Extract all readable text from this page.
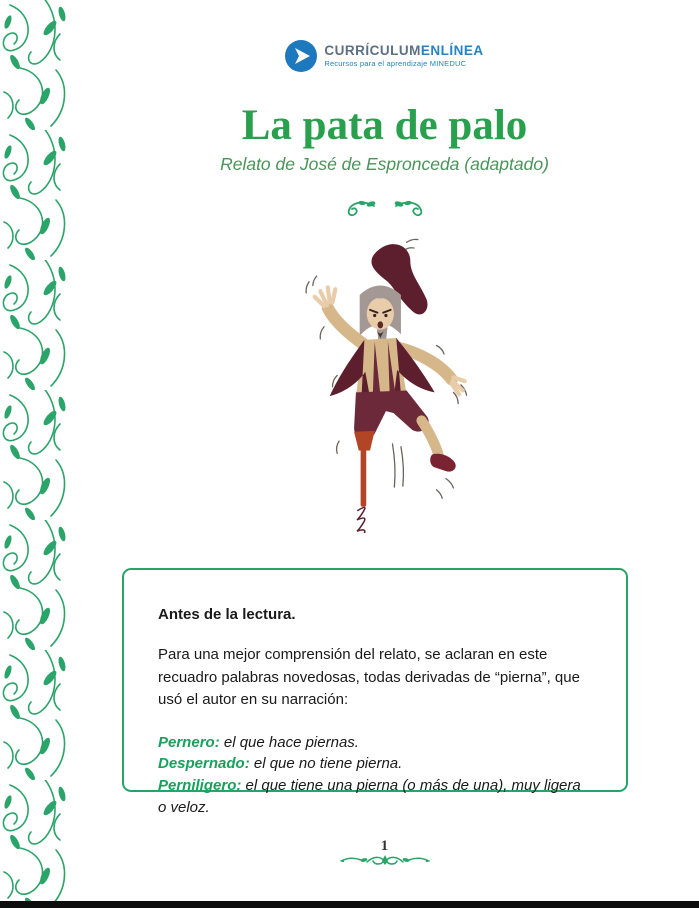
CURRÍCULUMENLÍNEA
Recursos para el aprendizaje MINEDUC
La pata de palo
Relato de José de Espronceda (adaptado)

Antes de la lectura.

Para una mejor comprensión del relato, se aclaran en este recuadro palabras novedosas, todas derivadas de “pierna”, que usó el autor en su narración:

Pernero: el que hace piernas.

Despernado: el que no tiene pierna.

Perniligero: el que tiene una pierna (o más de una), muy ligera o veloz.

1
